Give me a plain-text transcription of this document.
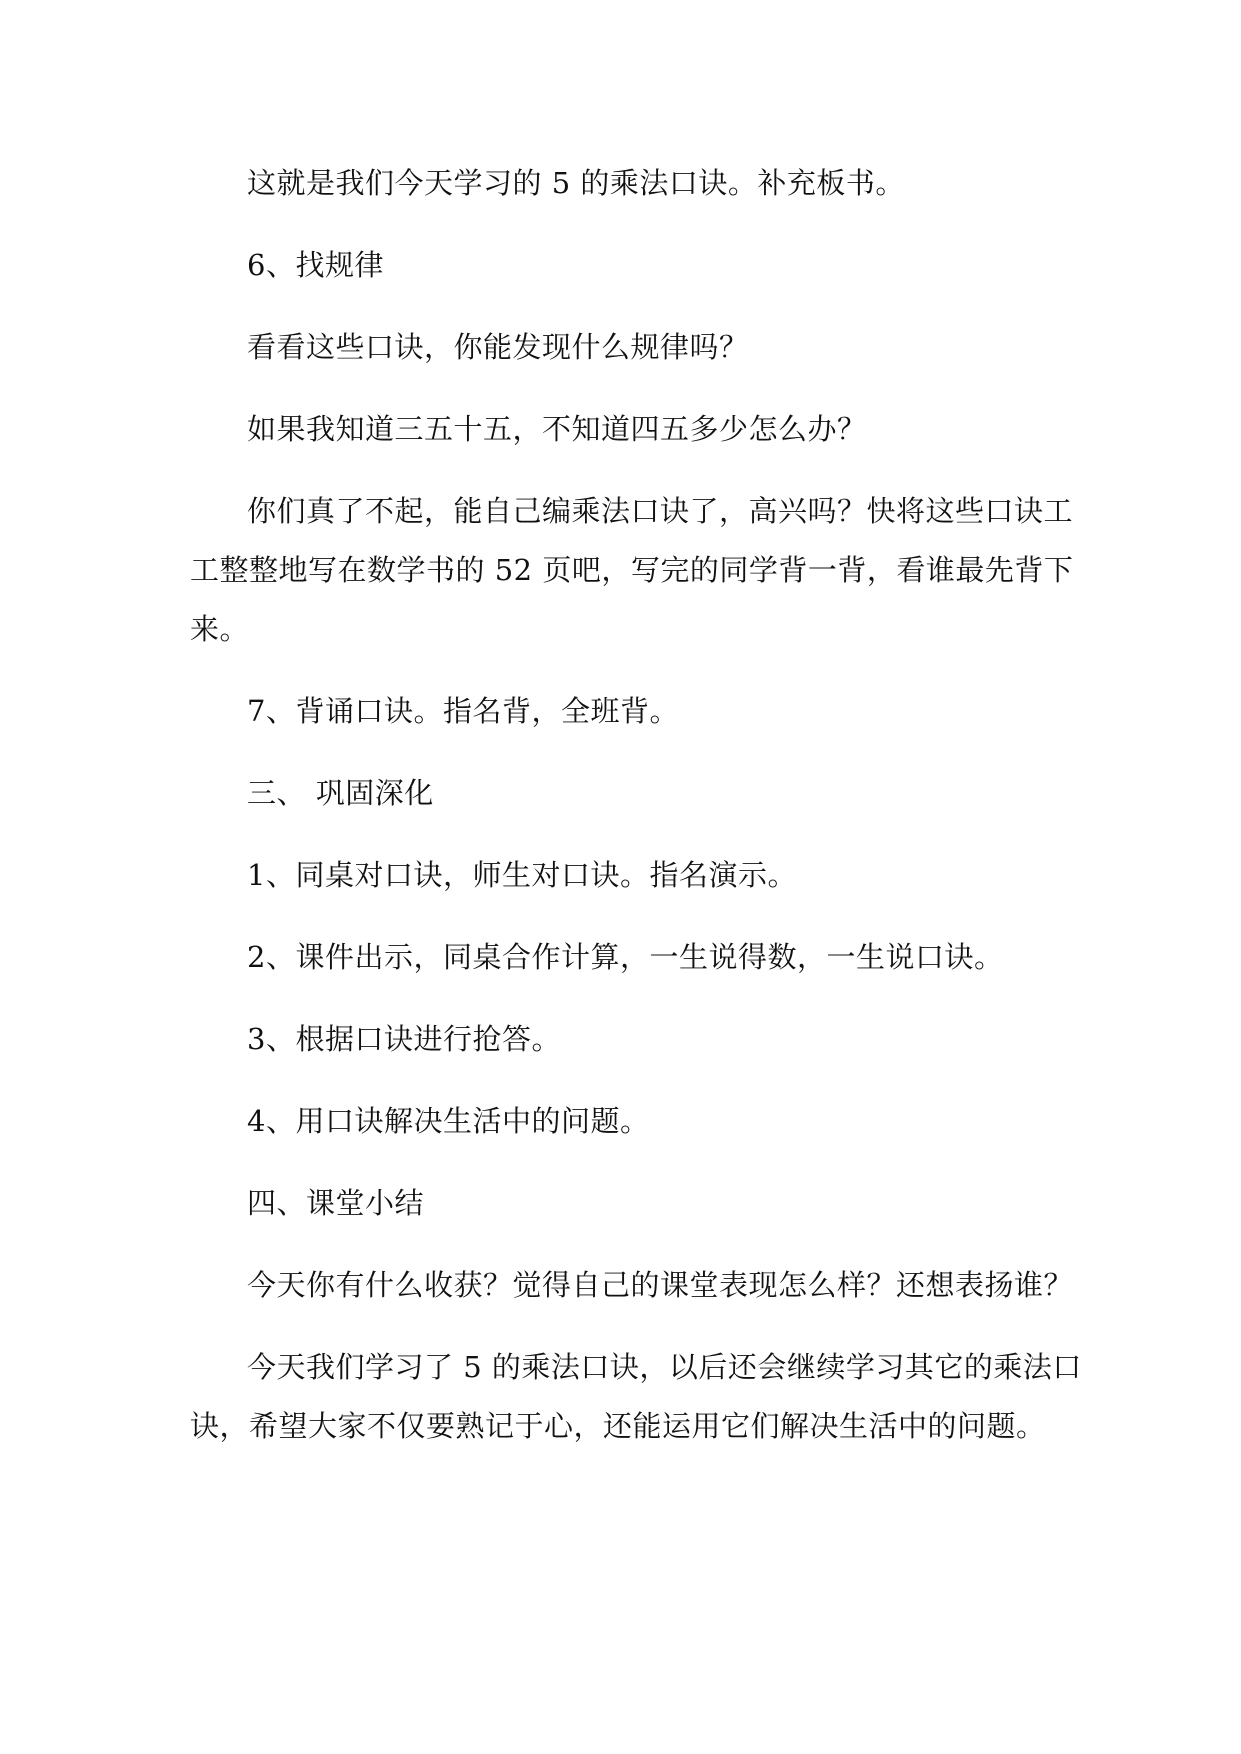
这就是我们今天学习的 5 的乘法口诀。补充板书。
6、找规律
看看这些口诀，你能发现什么规律吗？
如果我知道三五十五，不知道四五多少怎么办？
你们真了不起，能自己编乘法口诀了，高兴吗？快将这些口诀工
工整整地写在数学书的 52 页吧，写完的同学背一背，看谁最先背下
来。
7、背诵口诀。指名背，全班背。
三、 巩固深化
1、同桌对口诀，师生对口诀。指名演示。
2、课件出示，同桌合作计算，一生说得数，一生说口诀。
3、根据口诀进行抢答。
4、用口诀解决生活中的问题。
四、课堂小结
今天你有什么收获？觉得自己的课堂表现怎么样？还想表扬谁？
今天我们学习了 5 的乘法口诀，以后还会继续学习其它的乘法口
诀，希望大家不仅要熟记于心，还能运用它们解决生活中的问题。
